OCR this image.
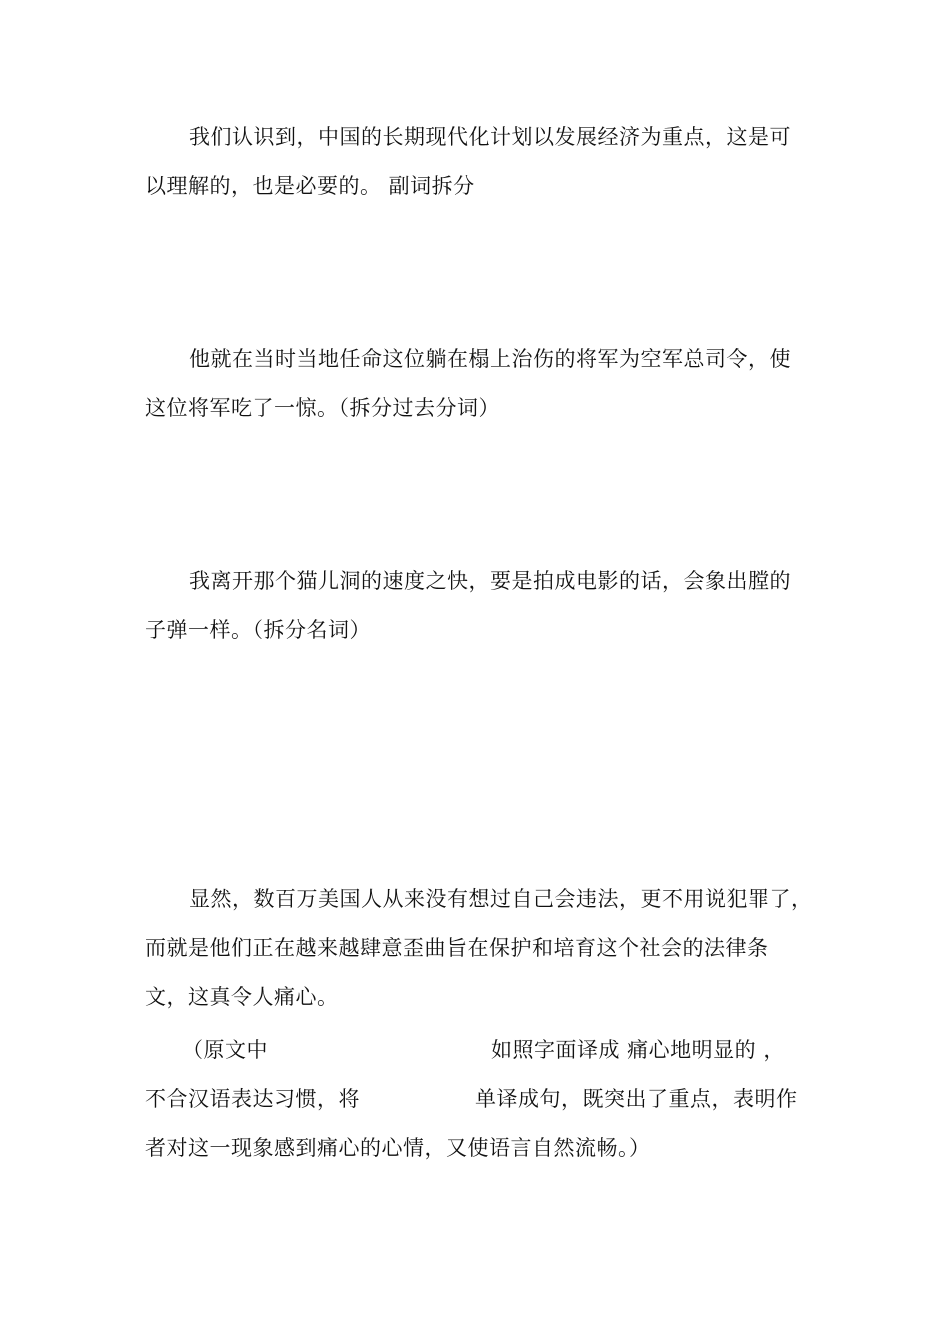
我们认识到，中国的长期现代化计划以发展经济为重点，这是可
以理解的，也是必要的。 副词拆分
他就在当时当地任命这位躺在榻上治伤的将军为空军总司令，使
这位将军吃了一惊。（拆分过去分词）
我离开那个猫儿洞的速度之快，要是拍成电影的话，会象出膛的
子弹一样。（拆分名词）
显然，数百万美国人从来没有想过自己会违法，更不用说犯罪了，
而就是他们正在越来越肆意歪曲旨在保护和培育这个社会的法律条
文，这真令人痛心。
（原文中	如照字面译成 痛心地明显的 ，
不合汉语表达习惯，将	单译成句，既突出了重点，表明作
者对这一现象感到痛心的心情，又使语言自然流畅。）
